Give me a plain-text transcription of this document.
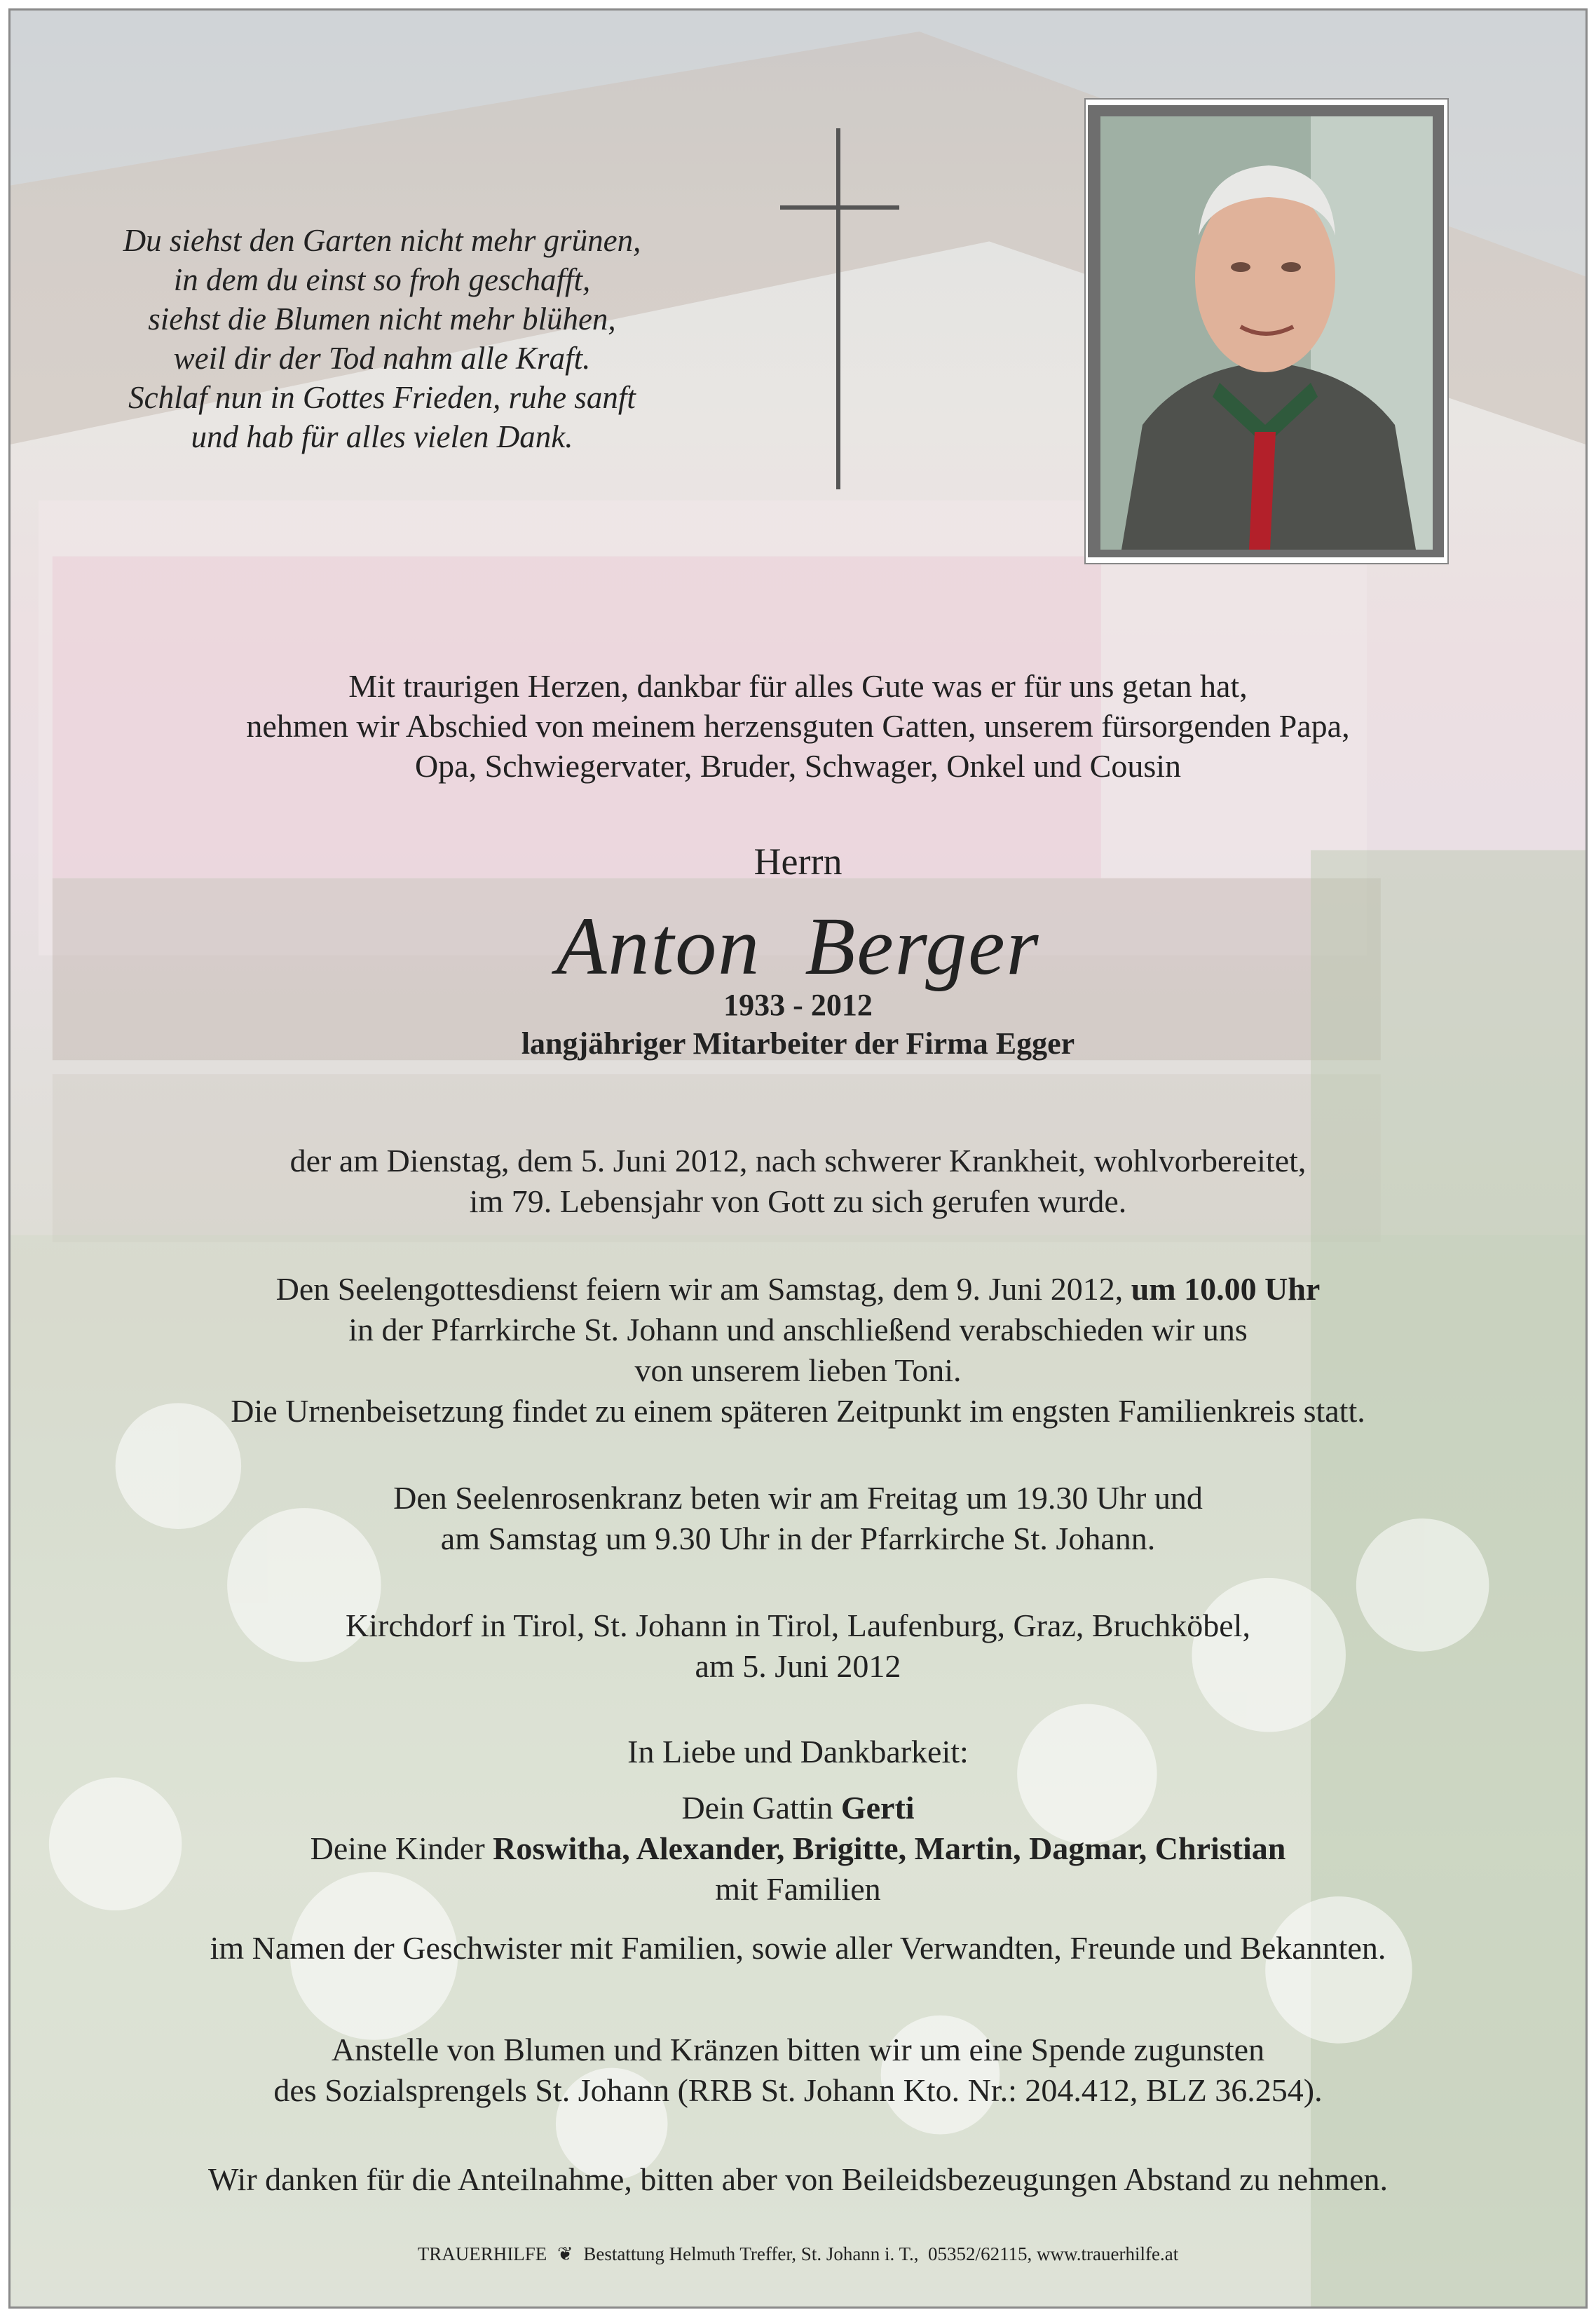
Du siehst den Garten nicht mehr grünen,
in dem du einst so froh geschafft,
siehst die Blumen nicht mehr blühen,
weil dir der Tod nahm alle Kraft.
Schlaf nun in Gottes Frieden, ruhe sanft
und hab für alles vielen Dank.
Mit traurigen Herzen, dankbar für alles Gute was er für uns getan hat,
nehmen wir Abschied von meinem herzensguten Gatten, unserem fürsorgenden Papa,
Opa, Schwiegervater, Bruder, Schwager, Onkel und Cousin
Herrn
Anton  Berger
1933 - 2012
langjähriger Mitarbeiter der Firma Egger
der am Dienstag, dem 5. Juni 2012, nach schwerer Krankheit, wohlvorbereitet,
im 79. Lebensjahr von Gott zu sich gerufen wurde.
Den Seelengottesdienst feiern wir am Samstag, dem 9. Juni 2012, um 10.00 Uhr
in der Pfarrkirche St. Johann und anschließend verabschieden wir uns
von unserem lieben Toni.
Die Urnenbeisetzung findet zu einem späteren Zeitpunkt im engsten Familienkreis statt.
Den Seelenrosenkranz beten wir am Freitag um 19.30 Uhr und
am Samstag um 9.30 Uhr in der Pfarrkirche St. Johann.
Kirchdorf in Tirol, St. Johann in Tirol, Laufenburg, Graz, Bruchköbel,
am 5. Juni 2012
In Liebe und Dankbarkeit:
Dein Gattin Gerti
Deine Kinder Roswitha, Alexander, Brigitte, Martin, Dagmar, Christian
mit Familien
im Namen der Geschwister mit Familien, sowie aller Verwandten, Freunde und Bekannten.
Anstelle von Blumen und Kränzen bitten wir um eine Spende zugunsten
des Sozialsprengels St. Johann (RRB St. Johann Kto. Nr.: 204.412, BLZ 36.254).
Wir danken für die Anteilnahme, bitten aber von Beileidsbezeugungen Abstand zu nehmen.
TRAUERHILFE ❦ Bestattung Helmuth Treffer, St. Johann i. T.,  05352/62115, www.trauerhilfe.at
